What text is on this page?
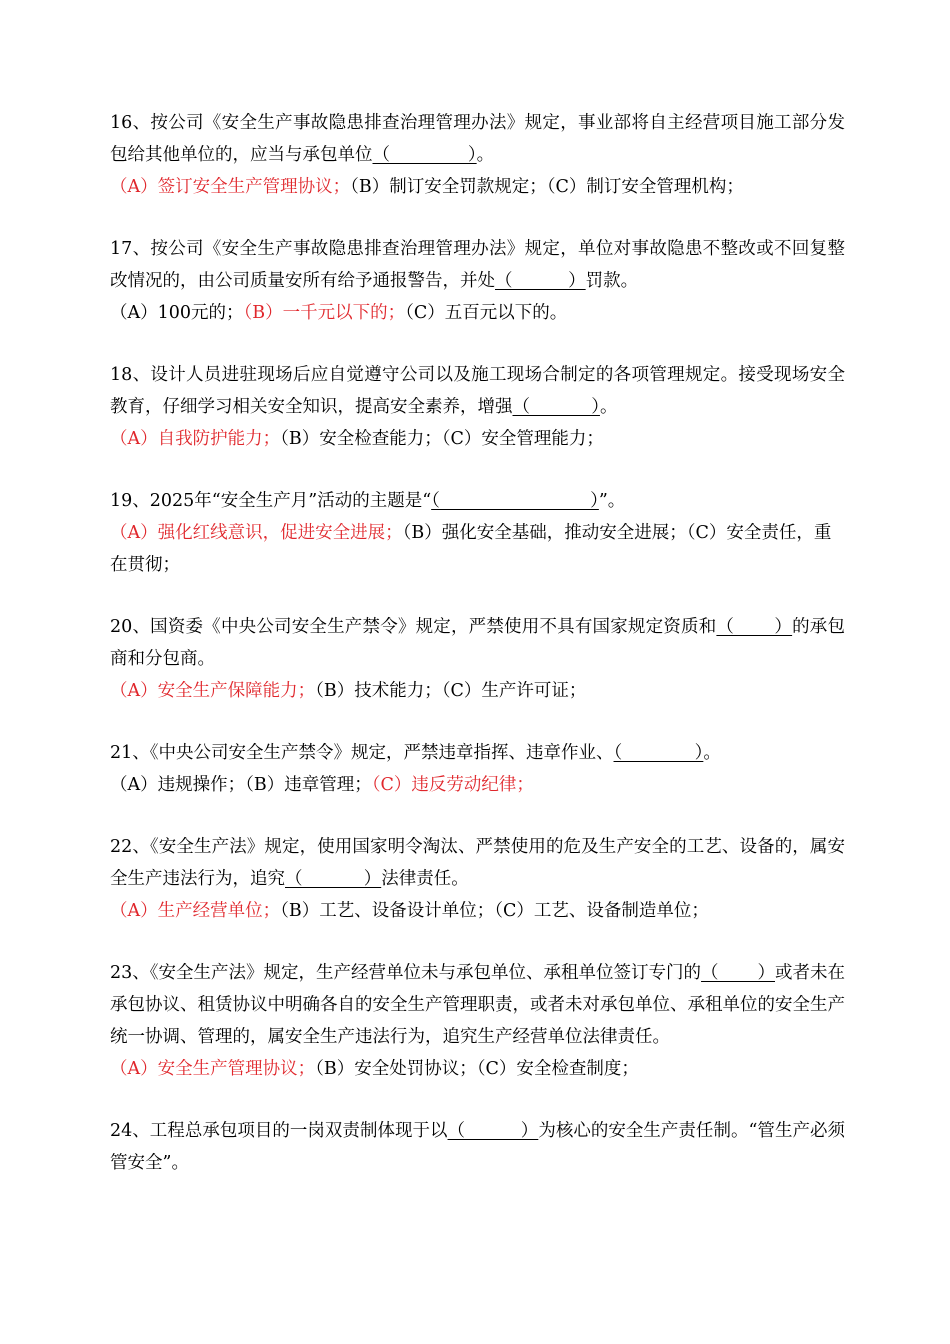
16、按公司《安全生产事故隐患排查治理管理办法》规定，事业部将自主经营项目施工部分发包给其他单位的，应当与承包单位（              ）。
（A）签订安全生产管理协议；（B）制订安全罚款规定；（C）制订安全管理机构；
17、按公司《安全生产事故隐患排查治理管理办法》规定，单位对事故隐患不整改或不回复整改情况的，由公司质量安所有给予通报警告，并处（          ）罚款。
（A）100元的；（B）一千元以下的；（C）五百元以下的。
18、设计人员进驻现场后应自觉遵守公司以及施工现场合制定的各项管理规定。接受现场安全教育，仔细学习相关安全知识，提高安全素养，增强（           ）。
（A）自我防护能力；（B）安全检查能力；（C）安全管理能力；
19、2025年“安全生产月”活动的主题是“（                           ）”。
（A）强化红线意识，促进安全进展；（B）强化安全基础，推动安全进展；（C）安全责任，重在贯彻；
20、国资委《中央公司安全生产禁令》规定，严禁使用不具有国家规定资质和（       ）的承包商和分包商。
（A）安全生产保障能力；（B）技术能力；（C）生产许可证；
21、《中央公司安全生产禁令》规定，严禁违章指挥、违章作业、（             ）。
（A）违规操作；（B）违章管理；（C）违反劳动纪律；
22、《安全生产法》规定，使用国家明令淘汰、严禁使用的危及生产安全的工艺、设备的，属安全生产违法行为，追究（           ）法律责任。
（A）生产经营单位；（B）工艺、设备设计单位；（C）工艺、设备制造单位；
23、《安全生产法》规定，生产经营单位未与承包单位、承租单位签订专门的（       ）或者未在承包协议、租赁协议中明确各自的安全生产管理职责，或者未对承包单位、承租单位的安全生产统一协调、管理的，属安全生产违法行为，追究生产经营单位法律责任。
（A）安全生产管理协议；（B）安全处罚协议；（C）安全检查制度；
24、工程总承包项目的一岗双责制体现于以（          ）为核心的安全生产责任制。“管生产必须管安全”。
